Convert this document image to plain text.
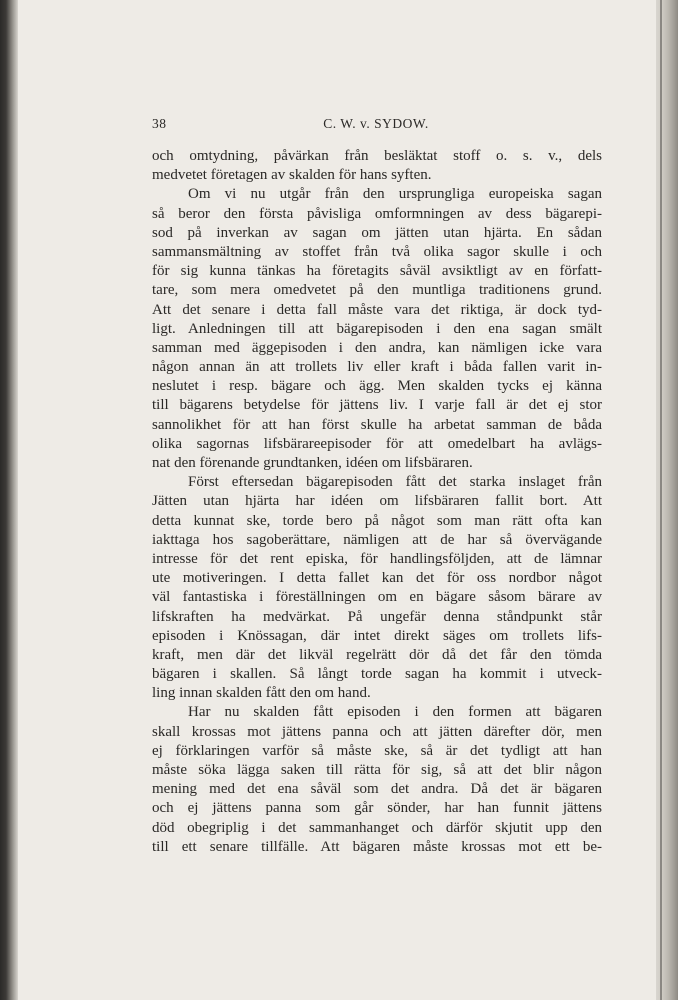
38	C. W. v. SYDOW.
och omtydning, påvärkan från besläktat stoff o. s. v., dels
medvetet företagen av skalden för hans syften.
Om vi nu utgår från den ursprungliga europeiska sagan
så beror den första påvisliga omformningen av dess bägarepi-
sod på inverkan av sagan om jätten utan hjärta. En sådan
sammansmältning av stoffet från två olika sagor skulle i och
för sig kunna tänkas ha företagits såväl avsiktligt av en författ-
tare, som mera omedvetet på den muntliga traditionens grund.
Att det senare i detta fall måste vara det riktiga, är dock tyd-
ligt. Anledningen till att bägarepisoden i den ena sagan smält
samman med äggepisoden i den andra, kan nämligen icke vara
någon annan än att trollets liv eller kraft i båda fallen varit in-
neslutet i resp. bägare och ägg. Men skalden tycks ej känna
till bägarens betydelse för jättens liv. I varje fall är det ej stor
sannolikhet för att han först skulle ha arbetat samman de båda
olika sagornas lifsbärareepisoder för att omedelbart ha avlägs-
nat den förenande grundtanken, idéen om lifsbäraren.
Först eftersedan bägarepisoden fått det starka inslaget från
Jätten utan hjärta har idéen om lifsbäraren fallit bort. Att
detta kunnat ske, torde bero på något som man rätt ofta kan
iakttaga hos sagoberättare, nämligen att de har så övervägande
intresse för det rent episka, för handlingsföljden, att de lämnar
ute motiveringen. I detta fallet kan det för oss nordbor något
väl fantastiska i föreställningen om en bägare såsom bärare av
lifskraften ha medvärkat. På ungefär denna ståndpunkt står
episoden i Knössagan, där intet direkt säges om trollets lifs-
kraft, men där det likväl regelrätt dör då det får den tömda
bägaren i skallen. Så långt torde sagan ha kommit i utveck-
ling innan skalden fått den om hand.
Har nu skalden fått episoden i den formen att bägaren
skall krossas mot jättens panna och att jätten därefter dör, men
ej förklaringen varför så måste ske, så är det tydligt att han
måste söka lägga saken till rätta för sig, så att det blir någon
mening med det ena såväl som det andra. Då det är bägaren
och ej jättens panna som går sönder, har han funnit jättens
död obegriplig i det sammanhanget och därför skjutit upp den
till ett senare tillfälle. Att bägaren måste krossas mot ett be-
